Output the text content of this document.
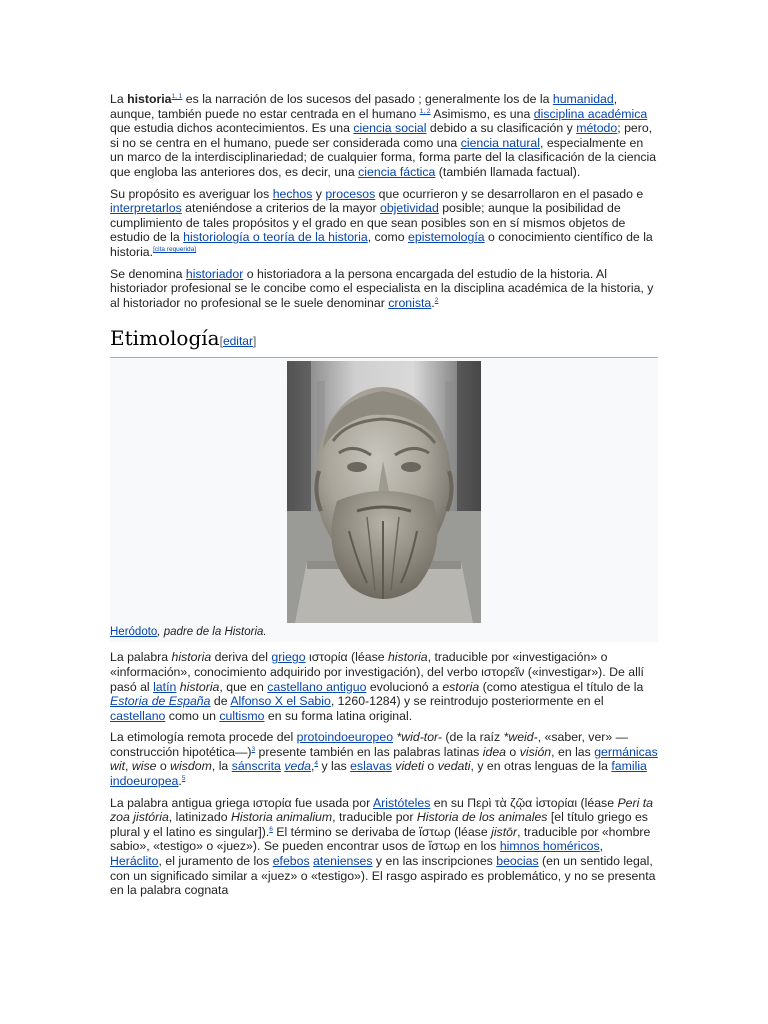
La historia$^{1, 1}$ es la narración de los sucesos del pasado ; generalmente los de la humanidad, aunque, también puede no estar centrada en el humano $^{1, 2}$ Asimismo, es una disciplina académica que estudia dichos acontecimientos. Es una ciencia social debido a su clasificación y método; pero, si no se centra en el humano, puede ser considerada como una ciencia natural, especialmente en un marco de la interdisciplinariedad; de cualquier forma, forma parte del la clasificación de la ciencia que engloba las anteriores dos, es decir, una ciencia fáctica (también llamada factual).

Su propósito es averiguar los hechos y procesos que ocurrieron y se desarrollaron en el pasado e interpretarlos ateniéndose a criterios de la mayor objetividad posible; aunque la posibilidad de cumplimiento de tales propósitos y el grado en que sean posibles son en sí mismos objetos de estudio de la historiología o teoría de la historia, como epistemología o conocimiento científico de la historia.[cita requerida]

Se denomina historiador o historiadora a la persona encargada del estudio de la historia. Al historiador profesional se le concibe como el especialista en la disciplina académica de la historia, y al historiador no profesional se le suele denominar cronista.$^2$

Etimología[editar]
Heródoto, padre de la Historia.

La palabra historia deriva del griego ιστορία (léase historia, traducible por «investigación» o «información», conocimiento adquirido por investigación), del verbo ιστορεῖν («investigar»). De allí pasó al latín historia, que en castellano antiguo evolucionó a estoria (como atestigua el título de la Estoria de España de Alfonso X el Sabio, 1260-1284) y se reintrodujo posteriormente en el castellano como un cultismo en su forma latina original.

La etimología remota procede del protoindoeuropeo *wid-tor- (de la raíz *weid-, «saber, ver» —construcción hipotética—)$^3$ presente también en las palabras latinas idea o visión, en las germánicas wit, wise o wisdom, la sánscrita veda,$^4$ y las eslavas videti o vedati, y en otras lenguas de la familia indoeuropea.$^5$

La palabra antigua griega ιστορία fue usada por Aristóteles en su Περὶ τὰ ζῷα ἱστορίαι (léase Peri ta zoa jistória, latinizado Historia animalium, traducible por Historia de los animales [el título griego es plural y el latino es singular]).$^6$ El término se derivaba de ἵστωρ (léase jistōr, traducible por «hombre sabio», «testigo» o «juez»). Se pueden encontrar usos de ἵστωρ en los himnos homéricos, Heráclito, el juramento de los efebos atenienses y en las inscripciones beocias (en un sentido legal, con un significado similar a «juez» o «testigo»). El rasgo aspirado es problemático, y no se presenta en la palabra cognata
